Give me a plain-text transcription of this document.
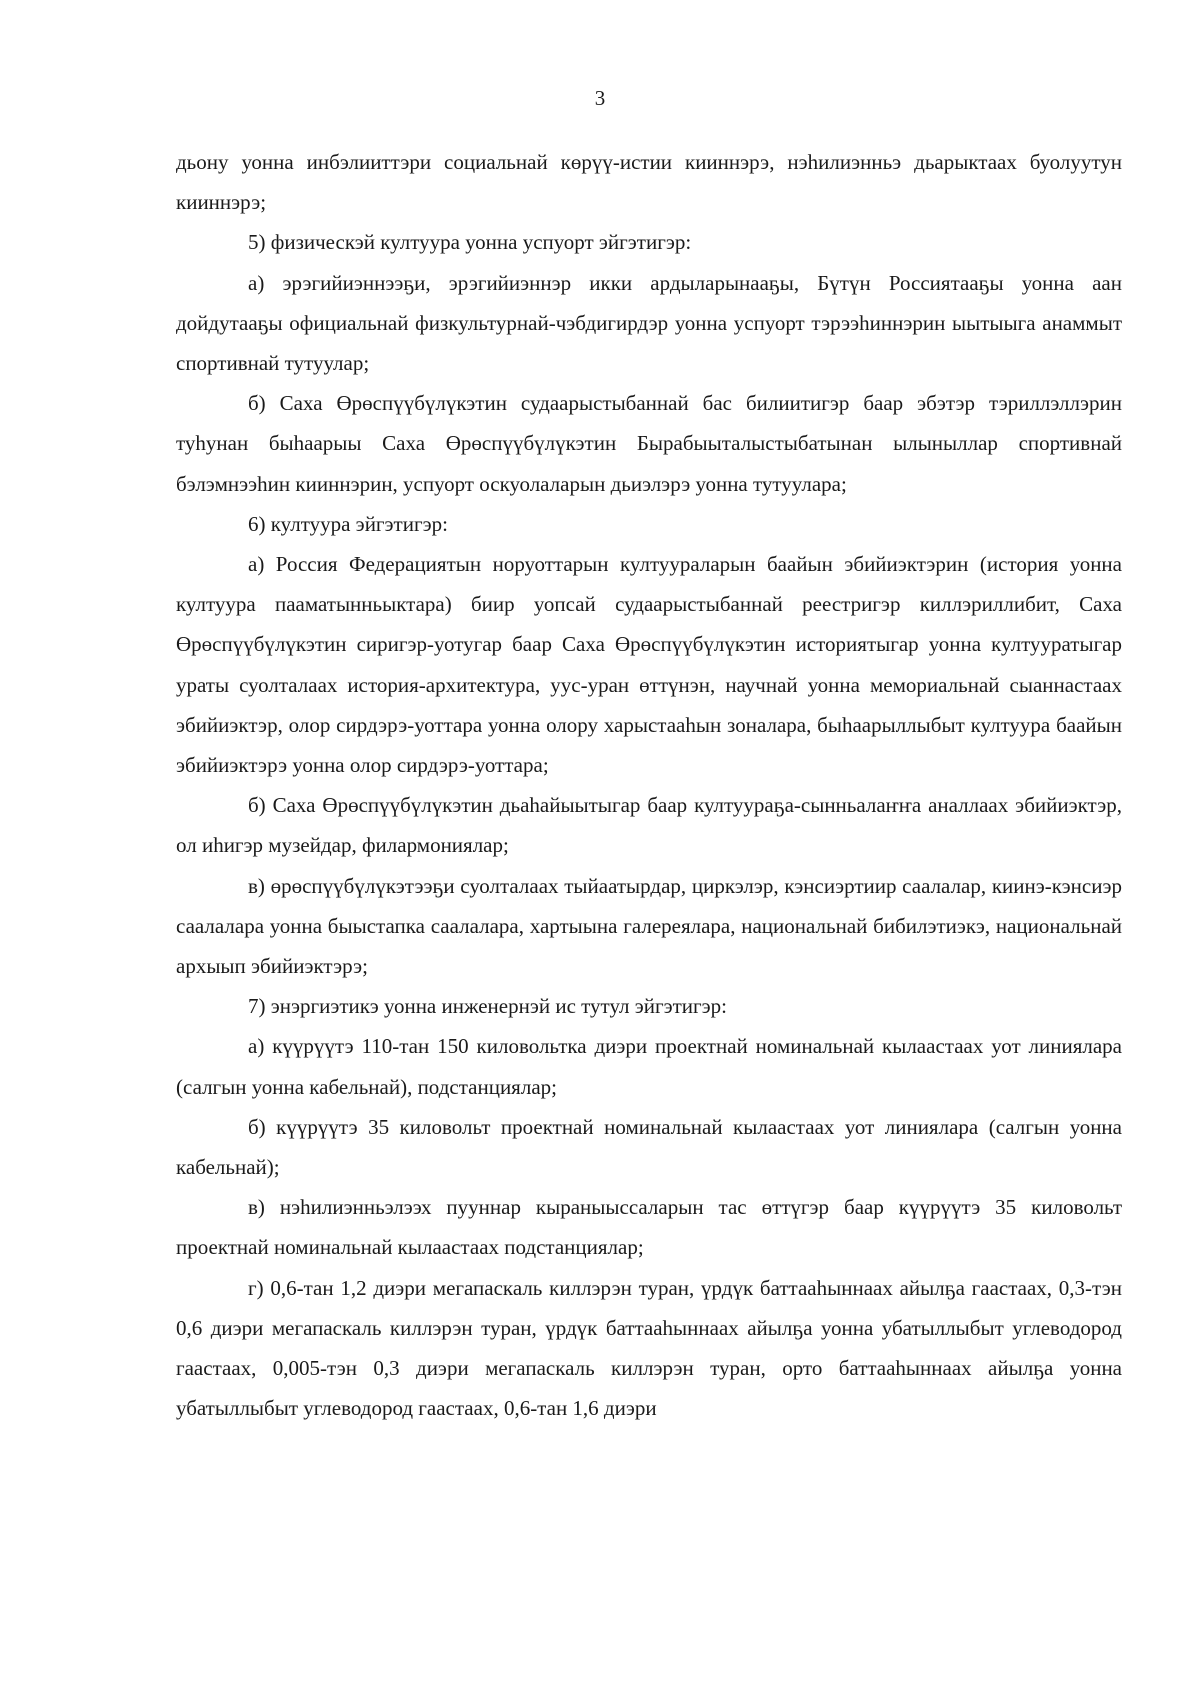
3

дьону уонна инбэлииттэри социальнай көрүү-истии кииннэрэ, нэһилиэнньэ дьарыктаах буолуутун кииннэрэ;

5) физическэй култуура уонна успуорт эйгэтигэр:

а) эрэгийиэннээҕи, эрэгийиэннэр икки ардыларынааҕы, Бүтүн Россиятааҕы уонна аан дойдутааҕы официальнай физкультурнай-чэбдигирдэр уонна успуорт тэрээһиннэрин ыытыыга анаммыт спортивнай тутуулар;

б) Саха Өрөспүүбүлүкэтин судаарыстыбаннай бас билиитигэр баар эбэтэр тэриллэллэрин туһунан быһаарыы Саха Өрөспүүбүлүкэтин Бырабыыталыстыбатынан ылыныллар спортивнай бэлэмнээһин кииннэрин, успуорт оскуолаларын дьиэлэрэ уонна тутуулара;

6) култуура эйгэтигэр:

а) Россия Федерациятын норуоттарын култуураларын баайын эбийиэктэрин (история уонна култуура пааматынньыктара) биир уопсай судаарыстыбаннай реестригэр киллэриллибит, Саха Өрөспүүбүлүкэтин сиригэр-уотугар баар Саха Өрөспүүбүлүкэтин историятыгар уонна култууратыгар ураты суолталаах история-архитектура, уус-уран өттүнэн, научнай уонна мемориальнай сыаннастаах эбийиэктэр, олор сирдэрэ-уоттара уонна олору харыстааһын зоналара, быһаарыллыбыт култуура баайын эбийиэктэрэ уонна олор сирдэрэ-уоттара;

б) Саха Өрөспүүбүлүкэтин дьаһайыытыгар баар култуураҕа-сынньалаҥҥа аналлаах эбийиэктэр, ол иһигэр музейдар, филармониялар;

в) өрөспүүбүлүкэтээҕи суолталаах тыйаатырдар, циркэлэр, кэнсиэртиир саалалар, киинэ-кэнсиэр саалалара уонна быыстапка саалалара, хартыына галереялара, национальнай бибилэтиэкэ, национальнай архыып эбийиэктэрэ;

7) энэргиэтикэ уонна инженернэй ис тутул эйгэтигэр:

а) күүрүүтэ 110-тан 150 киловольтка диэри проектнай номинальнай кылаастаах уот линиялара (салгын уонна кабельнай), подстанциялар;

б) күүрүүтэ 35 киловольт проектнай номинальнай кылаастаах уот линиялара (салгын уонна кабельнай);

в) нэһилиэнньэлээх пууннар кыраныыссаларын тас өттүгэр баар күүрүүтэ 35 киловольт проектнай номинальнай кылаастаах подстанциялар;

г) 0,6-тан 1,2 диэри мегапаскаль киллэрэн туран, үрдүк баттааһыннаах айылҕа гаастаах, 0,3-тэн 0,6 диэри мегапаскаль киллэрэн туран, үрдүк баттааһыннаах айылҕа уонна убатыллыбыт углеводород гаастаах, 0,005-тэн 0,3 диэри мегапаскаль киллэрэн туран, орто баттааһыннаах айылҕа уонна убатыллыбыт углеводород гаастаах, 0,6-тан 1,6 диэри
